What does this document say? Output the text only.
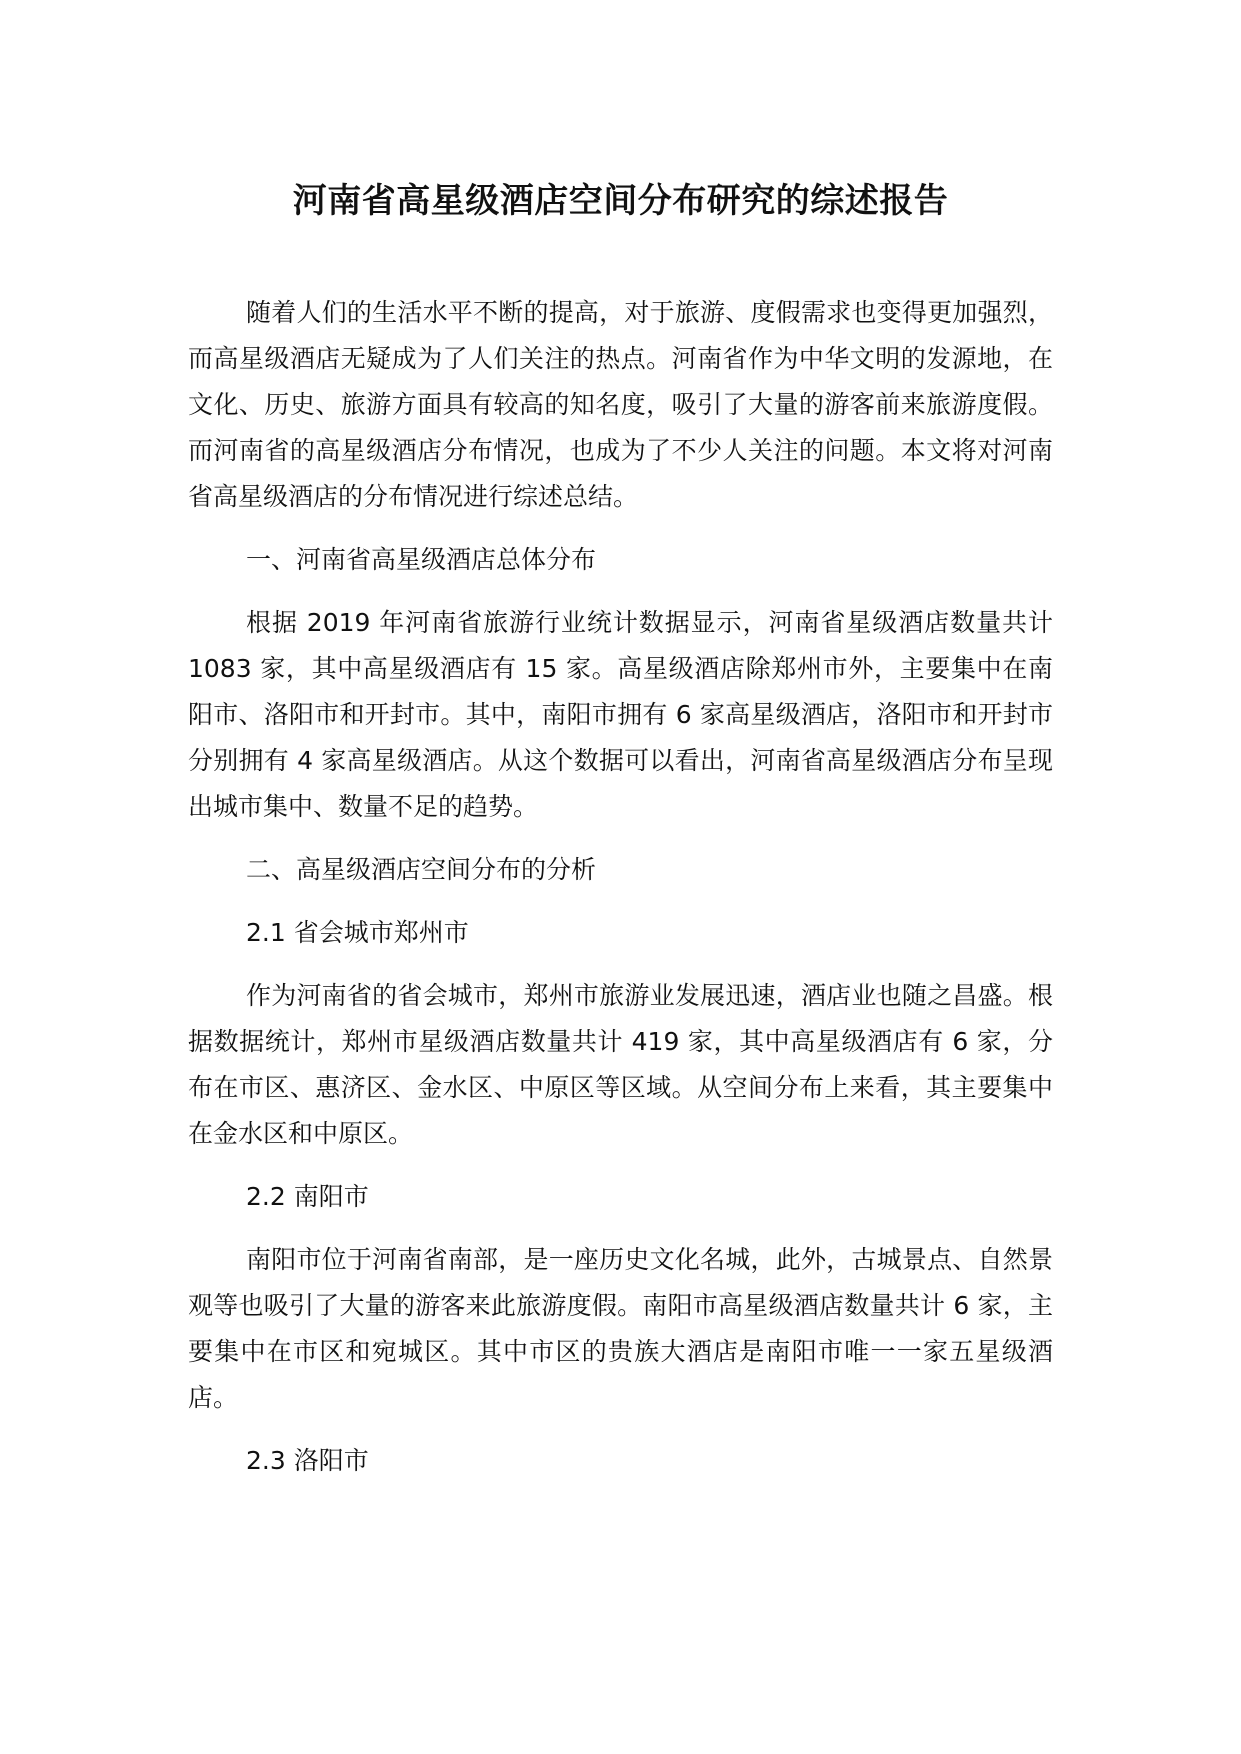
河南省高星级酒店空间分布研究的综述报告

随着人们的生活水平不断的提高，对于旅游、度假需求也变得更加强烈，而高星级酒店无疑成为了人们关注的热点。河南省作为中华文明的发源地，在文化、历史、旅游方面具有较高的知名度，吸引了大量的游客前来旅游度假。而河南省的高星级酒店分布情况，也成为了不少人关注的问题。本文将对河南省高星级酒店的分布情况进行综述总结。

一、河南省高星级酒店总体分布

根据 2019 年河南省旅游行业统计数据显示，河南省星级酒店数量共计 1083 家，其中高星级酒店有 15 家。高星级酒店除郑州市外，主要集中在南阳市、洛阳市和开封市。其中，南阳市拥有 6 家高星级酒店，洛阳市和开封市分别拥有 4 家高星级酒店。从这个数据可以看出，河南省高星级酒店分布呈现出城市集中、数量不足的趋势。

二、高星级酒店空间分布的分析
2.1 省会城市郑州市

作为河南省的省会城市，郑州市旅游业发展迅速，酒店业也随之昌盛。根据数据统计，郑州市星级酒店数量共计 419 家，其中高星级酒店有 6 家，分布在市区、惠济区、金水区、中原区等区域。从空间分布上来看，其主要集中在金水区和中原区。

2.2 南阳市

南阳市位于河南省南部，是一座历史文化名城，此外，古城景点、自然景观等也吸引了大量的游客来此旅游度假。南阳市高星级酒店数量共计 6 家，主要集中在市区和宛城区。其中市区的贵族大酒店是南阳市唯一一家五星级酒店。

2.3 洛阳市
